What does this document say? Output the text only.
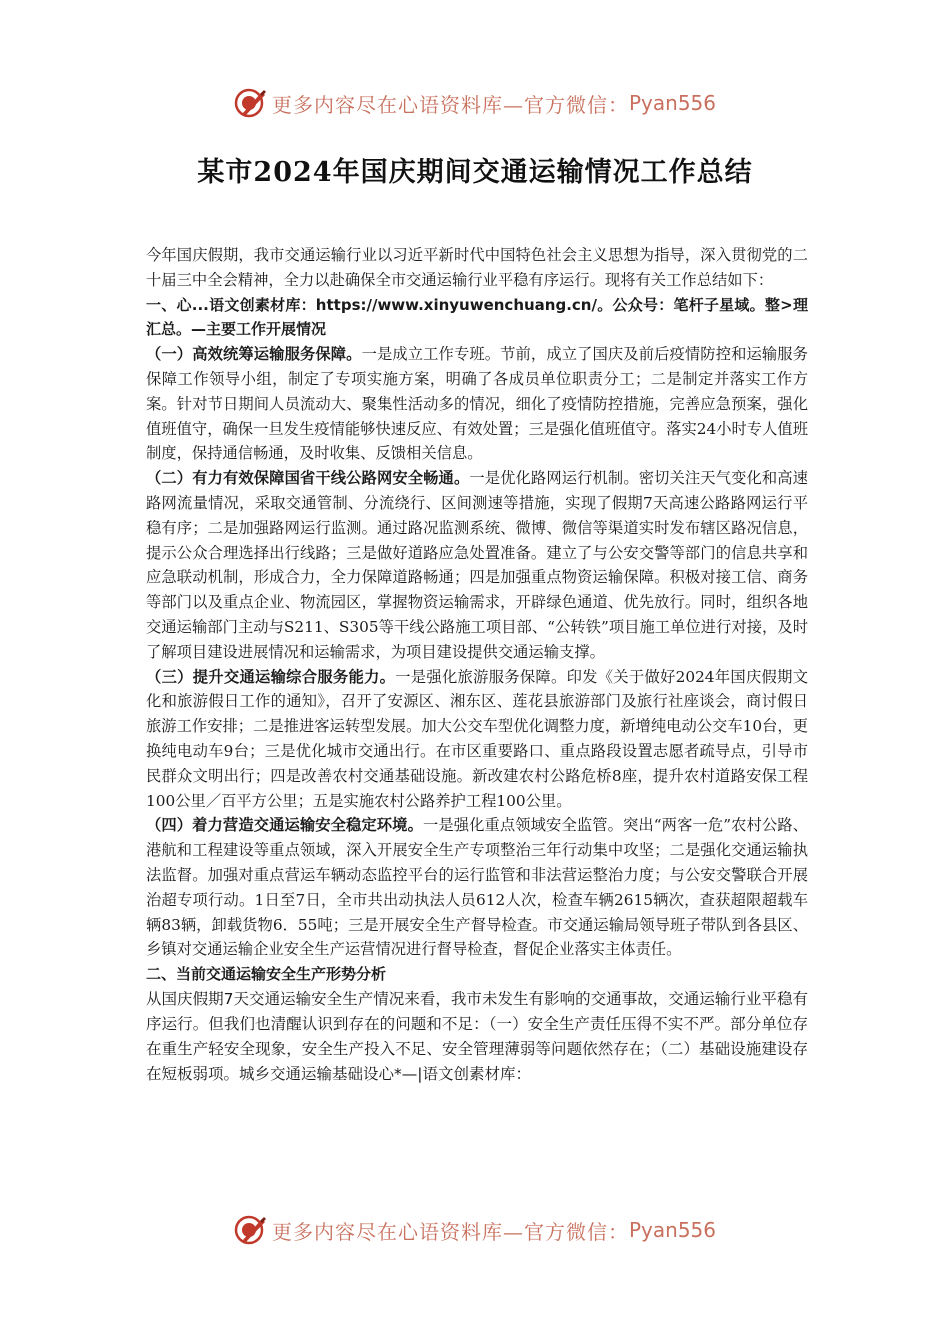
更多内容尽在心语资料库—官方微信： Pyan556
某市2024年国庆期间交通运输情况工作总结

今年国庆假期，我市交通运输行业以习近平新时代中国特色社会主义思想为指导，深入贯彻党的二十届三中全会精神，全力以赴确保全市交通运输行业平稳有序运行。现将有关工作总结如下：

一、心...语文创素材库：https://www.xinyuwenchuang.cn/。公众号：笔杆子星域。整>理汇总。—主要工作开展情况

（一）高效统筹运输服务保障。一是成立工作专班。节前，成立了国庆及前后疫情防控和运输服务保障工作领导小组，制定了专项实施方案，明确了各成员单位职责分工；二是制定并落实工作方案。针对节日期间人员流动大、聚集性活动多的情况，细化了疫情防控措施，完善应急预案，强化值班值守，确保一旦发生疫情能够快速反应、有效处置；三是强化值班值守。落实24小时专人值班制度，保持通信畅通，及时收集、反馈相关信息。

（二）有力有效保障国省干线公路网安全畅通。一是优化路网运行机制。密切关注天气变化和高速路网流量情况，采取交通管制、分流绕行、区间测速等措施，实现了假期7天高速公路路网运行平稳有序；二是加强路网运行监测。通过路况监测系统、微博、微信等渠道实时发布辖区路况信息，提示公众合理选择出行线路；三是做好道路应急处置准备。建立了与公安交警等部门的信息共享和应急联动机制，形成合力，全力保障道路畅通；四是加强重点物资运输保障。积极对接工信、商务等部门以及重点企业、物流园区，掌握物资运输需求，开辟绿色通道、优先放行。同时，组织各地交通运输部门主动与S211、S305等干线公路施工项目部、“公转铁”项目施工单位进行对接，及时了解项目建设进展情况和运输需求，为项目建设提供交通运输支撑。

（三）提升交通运输综合服务能力。一是强化旅游服务保障。印发《关于做好2024年国庆假期文化和旅游假日工作的通知》，召开了安源区、湘东区、莲花县旅游部门及旅行社座谈会，商讨假日旅游工作安排；二是推进客运转型发展。加大公交车型优化调整力度，新增纯电动公交车10台，更换纯电动车9台；三是优化城市交通出行。在市区重要路口、重点路段设置志愿者疏导点，引导市民群众文明出行；四是改善农村交通基础设施。新改建农村公路危桥8座，提升农村道路安保工程100公里／百平方公里；五是实施农村公路养护工程100公里。

（四）着力营造交通运输安全稳定环境。一是强化重点领域安全监管。突出“两客一危”农村公路、港航和工程建设等重点领域，深入开展安全生产专项整治三年行动集中攻坚；二是强化交通运输执法监督。加强对重点营运车辆动态监控平台的运行监管和非法营运整治力度；与公安交警联合开展治超专项行动。1日至7日，全市共出动执法人员612人次，检查车辆2615辆次，查获超限超载车辆83辆，卸载货物6．55吨；三是开展安全生产督导检查。市交通运输局领导班子带队到各县区、乡镇对交通运输企业安全生产运营情况进行督导检查，督促企业落实主体责任。

二、当前交通运输安全生产形势分析

从国庆假期7天交通运输安全生产情况来看，我市未发生有影响的交通事故，交通运输行业平稳有序运行。但我们也清醒认识到存在的问题和不足：（一）安全生产责任压得不实不严。部分单位存在重生产轻安全现象，安全生产投入不足、安全管理薄弱等问题依然存在；（二）基础设施建设存在短板弱项。城乡交通运输基础设心*—|语文创素材库：

更多内容尽在心语资料库—官方微信： Pyan556
